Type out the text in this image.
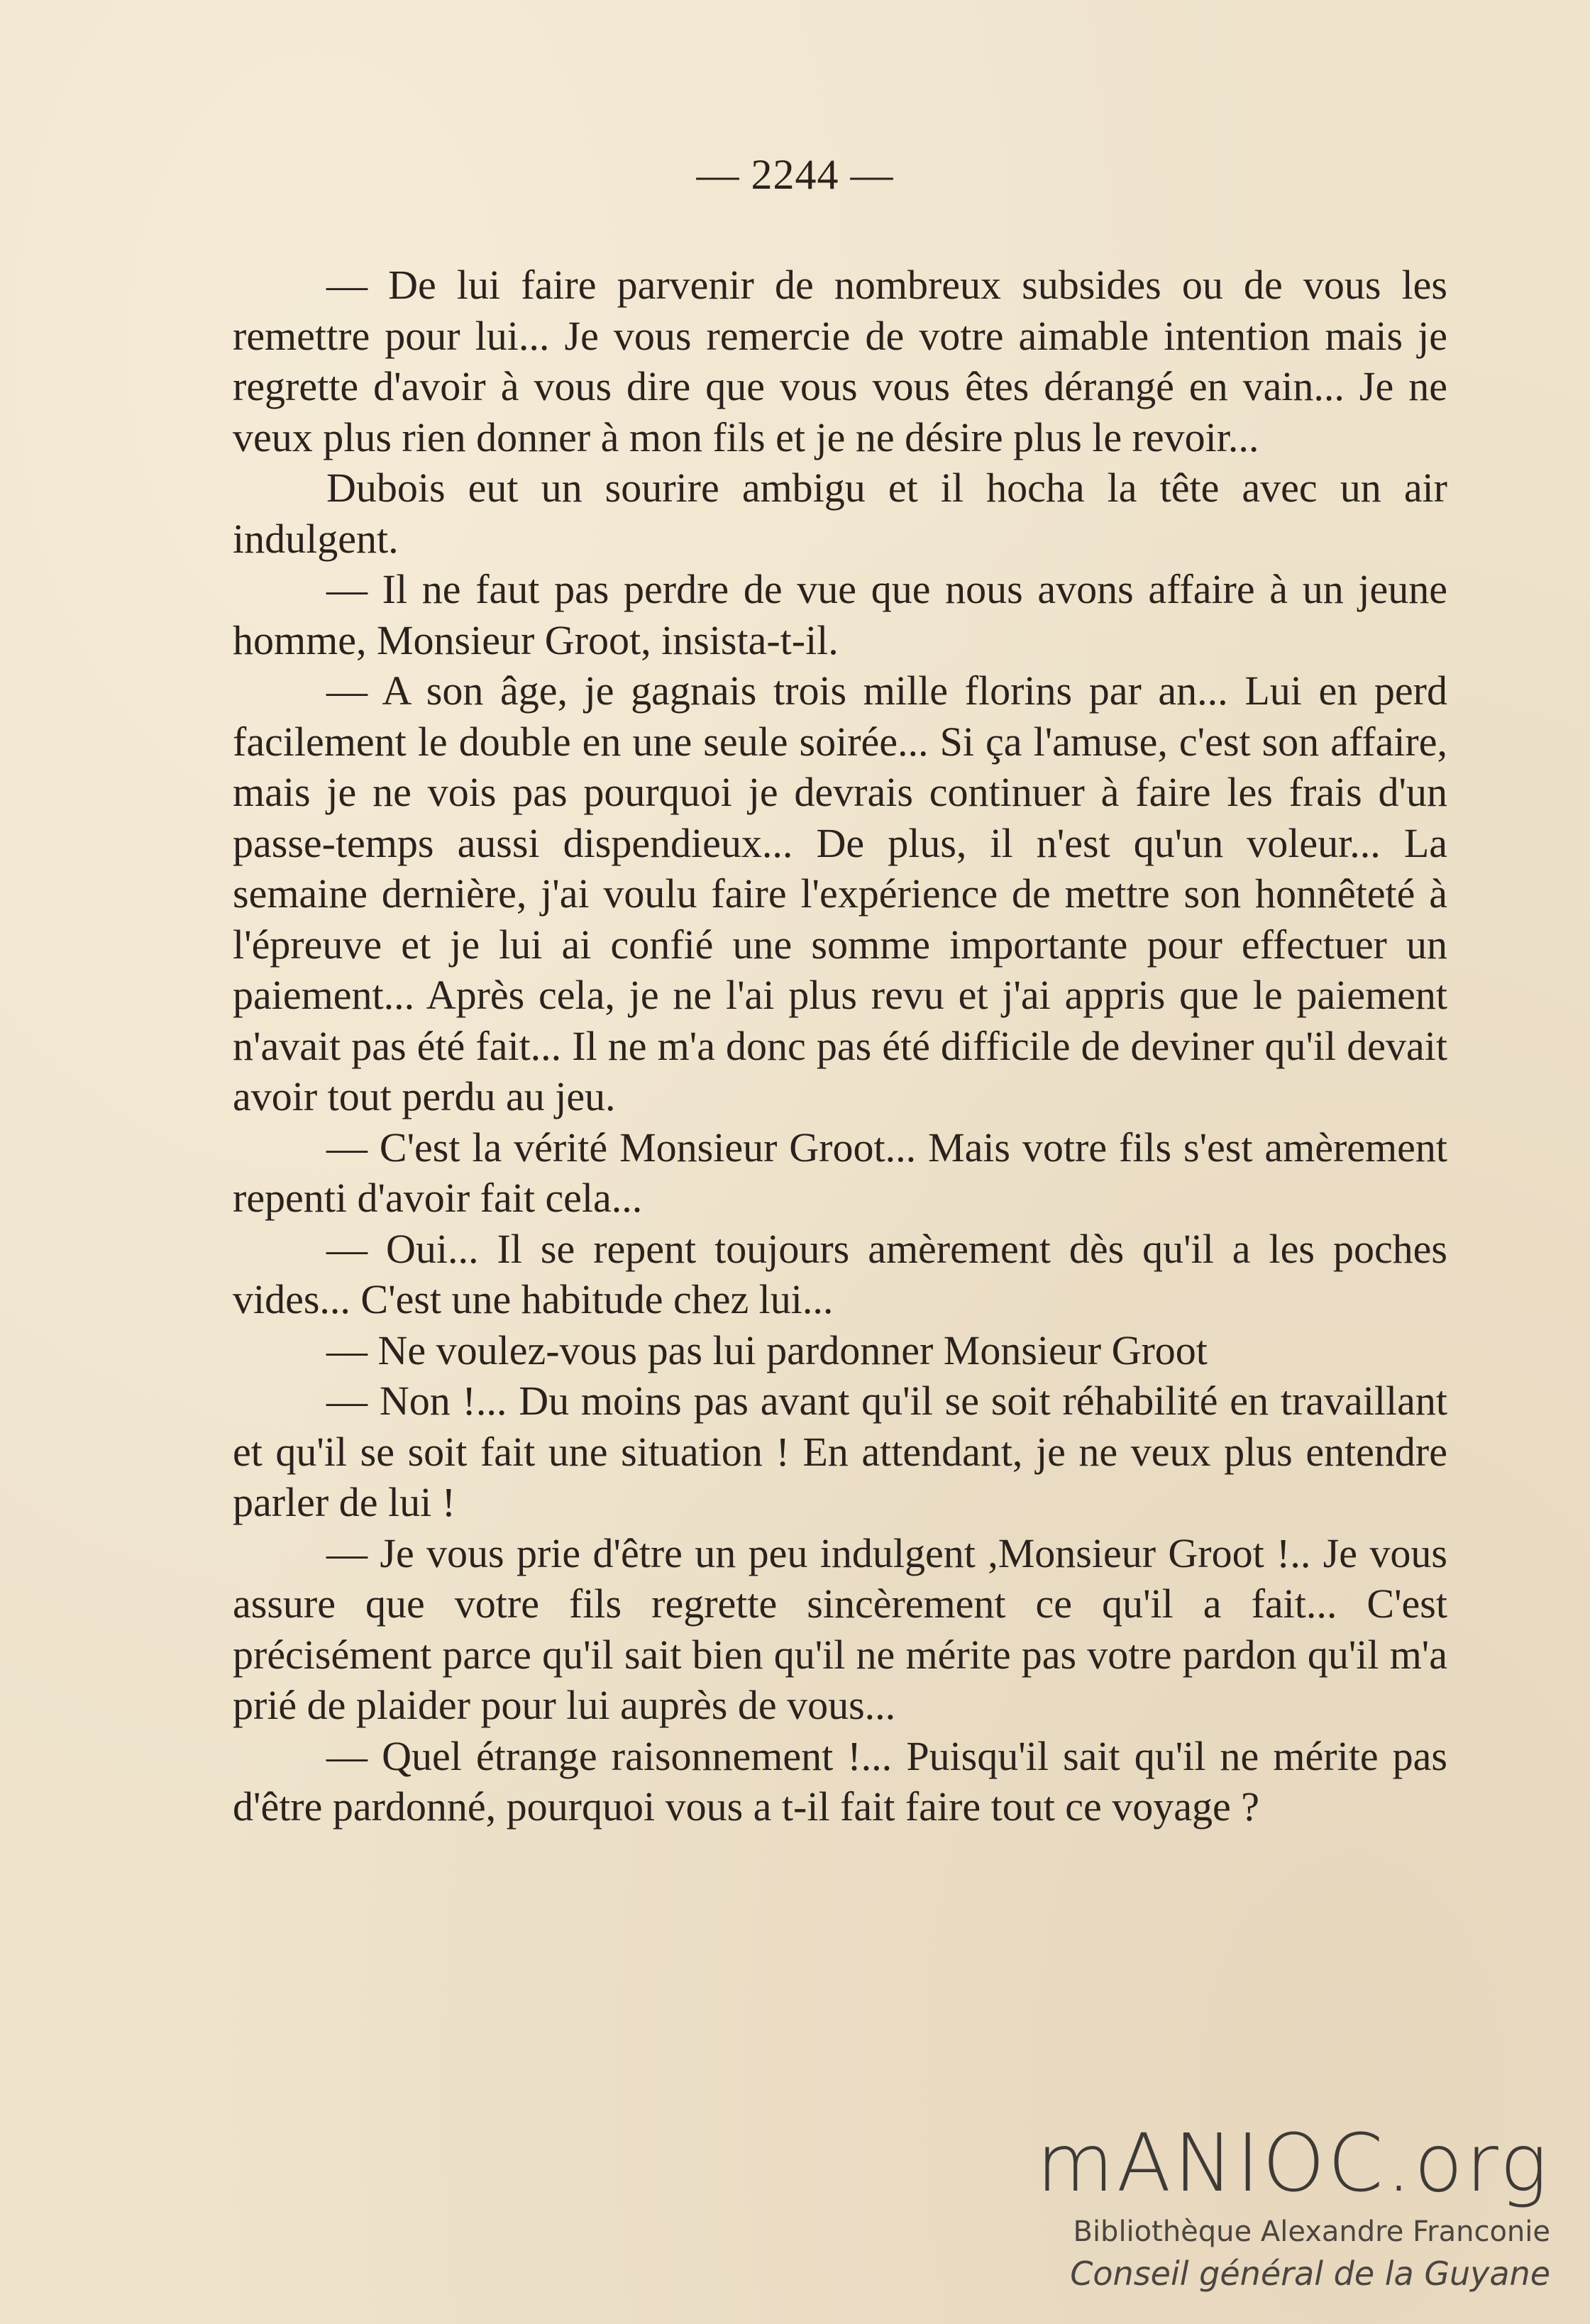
— 2244 —

— De lui faire parvenir de nombreux subsides ou de vous les remettre pour lui... Je vous remercie de votre aimable intention mais je regrette d'avoir à vous dire que vous vous êtes dérangé en vain... Je ne veux plus rien donner à mon fils et je ne désire plus le revoir...

Dubois eut un sourire ambigu et il hocha la tête avec un air indulgent.

— Il ne faut pas perdre de vue que nous avons affaire à un jeune homme, Monsieur Groot, insista-t-il.

— A son âge, je gagnais trois mille florins par an... Lui en perd facilement le double en une seule soirée... Si ça l'amuse, c'est son affaire, mais je ne vois pas pourquoi je devrais continuer à faire les frais d'un passe-temps aussi dispendieux... De plus, il n'est qu'un voleur... La semaine dernière, j'ai voulu faire l'expérience de mettre son honnêteté à l'épreuve et je lui ai confié une somme importante pour effectuer un paiement... Après cela, je ne l'ai plus revu et j'ai appris que le paiement n'avait pas été fait... Il ne m'a donc pas été difficile de deviner qu'il devait avoir tout perdu au jeu.

— C'est la vérité Monsieur Groot... Mais votre fils s'est amèrement repenti d'avoir fait cela...

— Oui... Il se repent toujours amèrement dès qu'il a les poches vides... C'est une habitude chez lui...

— Ne voulez-vous pas lui pardonner Monsieur Groot

— Non !... Du moins pas avant qu'il se soit réhabilité en travaillant et qu'il se soit fait une situation ! En attendant, je ne veux plus entendre parler de lui !

— Je vous prie d'être un peu indulgent ,Monsieur Groot !.. Je vous assure que votre fils regrette sincèrement ce qu'il a fait... C'est précisément parce qu'il sait bien qu'il ne mérite pas votre pardon qu'il m'a prié de plaider pour lui auprès de vous...

— Quel étrange raisonnement !... Puisqu'il sait qu'il ne mérite pas d'être pardonné, pourquoi vous a t-il fait faire tout ce voyage ?

mANIOC.org
Bibliothèque Alexandre Franconie
Conseil général de la Guyane
